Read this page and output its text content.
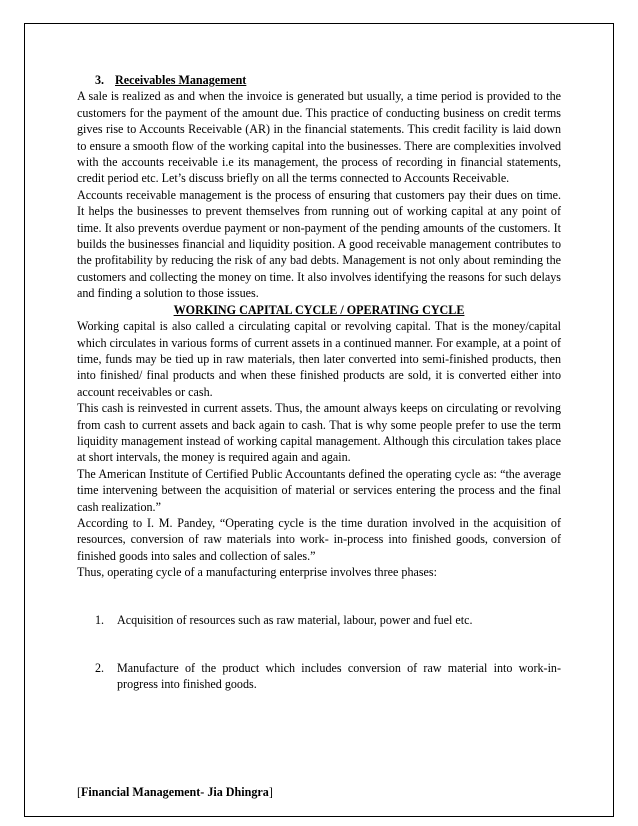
3. Receivables Management

A sale is realized as and when the invoice is generated but usually, a time period is provided to the customers for the payment of the amount due. This practice of conducting business on credit terms gives rise to Accounts Receivable (AR) in the financial statements. This credit facility is laid down to ensure a smooth flow of the working capital into the businesses. There are complexities involved with the accounts receivable i.e its management, the process of recording in financial statements, credit period etc. Let’s discuss briefly on all the terms connected to Accounts Receivable.

Accounts receivable management is the process of ensuring that customers pay their dues on time. It helps the businesses to prevent themselves from running out of working capital at any point of time. It also prevents overdue payment or non-payment of the pending amounts of the customers. It builds the businesses financial and liquidity position. A good receivable management contributes to the profitability by reducing the risk of any bad debts. Management is not only about reminding the customers and collecting the money on time. It also involves identifying the reasons for such delays and finding a solution to those issues.

WORKING CAPITAL CYCLE / OPERATING CYCLE

Working capital is also called a circulating capital or revolving capital. That is the money/capital which circulates in various forms of current assets in a continued manner. For example, at a point of time, funds may be tied up in raw materials, then later converted into semi-finished products, then into finished/ final products and when these finished products are sold, it is converted either into account receivables or cash.

This cash is reinvested in current assets. Thus, the amount always keeps on circulating or revolving from cash to current assets and back again to cash. That is why some people prefer to use the term liquidity management instead of working capital management. Although this circulation takes place at short intervals, the money is required again and again.

The American Institute of Certified Public Accountants defined the operating cycle as: “the average time intervening between the acquisition of material or services entering the process and the final cash realization.”

According to I. M. Pandey, “Operating cycle is the time duration involved in the acquisition of resources, conversion of raw materials into work- in-process into finished goods, conversion of finished goods into sales and collection of sales.”

Thus, operating cycle of a manufacturing enterprise involves three phases:

1. Acquisition of resources such as raw material, labour, power and fuel etc.
2. Manufacture of the product which includes conversion of raw material into work-in-progress into finished goods.
[Financial Management- Jia Dhingra]
